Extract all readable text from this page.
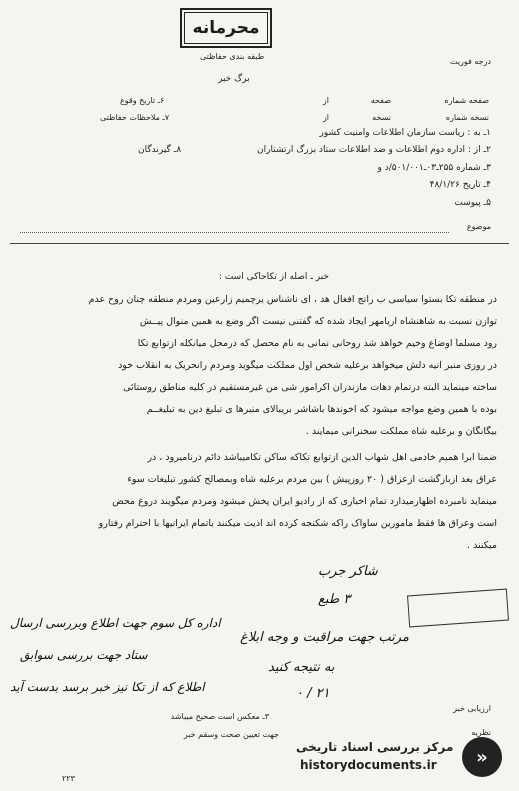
محرمانه
طبقه بندی حفاظتی
درجه فوریت
برگ خبر
صفحه شماره
از	صفحه
نسخه شماره
از	نسخه
۶ـ تاریخ وقوع
۷ـ ملاحظات حفاظتی
۱ـ به : ریاست سازمان اطلاعات وامنیت کشور
۲ـ از : اداره دوم اطلاعات و ضد اطلاعات ستاد بزرگ ارتشتاران
۸ـ گیرندگان
۳ـ شماره ۲۵۵ـ۰۳ـ۵۰۱/۰۰۱/د و
۴ـ تاریخ ۴۸/۱/۲۶
۵ـ پیوست
موضوع
خبر ـ اصله از تکاحاکی است :
در منطقه تکا بستوا سیاسی ب راتج افغال هد ، ای ناشناس یرچمیم زارعین ومردم منطقه چنان روح عدم
توازن نسبت به شاهنشاه آریامهر ایجاد شده که گفتنی نیست اگر وضع به همین منوال پیــش
رود مسلماً اوضاع وخیم خواهد شد روحانی نمانی به نام محصل که درمحل میانکله ازتوابع تکا
در روزی منبر آتیه دلش میخواهد برعلیه شخص اول مملکت میگوید ومردم رانحریک به انقلاب خود
ساخته مینماید البته درتمام دهات مازندران اکرامور شی من غیرمستقیم در کلیه مناطق روستائی
بوده با همین وضع مواجه میشود که آخوندها باشاشر بریبالای منبرها ی تبلیغ دین به تبلیغــم
بیگانگان و برعلیه شاه مملکت سخنرانی میمایند .
ضمناً آبرا همیم خادمی اهل شهاب الدین ازتوابع تکاکه ساکن تکامیباشد دائم درنامیرود ، در
عراق بعد ازبازگشت ازعراق ( ۲۰ روزپیش ) بین مردم برعلیه شاه وبمصالح کشور تبلیغات سوء
مینماید نامبرده اظهارمیدارد تمام اخباری که از رادیو ایران پخش میشود ومردم میگویند دروغ محض
است وعراق ها فقط مامورین ساواک راکه شکنجه کرده اند اذیت میکنند باتمام ایرانیها با احترام رفتارو
میکنند .
شاکر جرب
اداره کل سوم جهت اطلاع وبررسی ارسال
ستاد جهت بررسی سوابق
اطلاع که از تکا نیز خبر برسد بدست آید
۳ طبع
مرتب جهت مراقبت و وجه ابلاغ
به نتیجه کنید
۲۱ / ۰
ارزیابی خبر
۳ـ معکس است صحیح میباشد
نظریه
جهت تعیین صحت وسقم خبر
۲۲۳
مرکز بررسی اسناد تاریخی
historydocuments.ir »
